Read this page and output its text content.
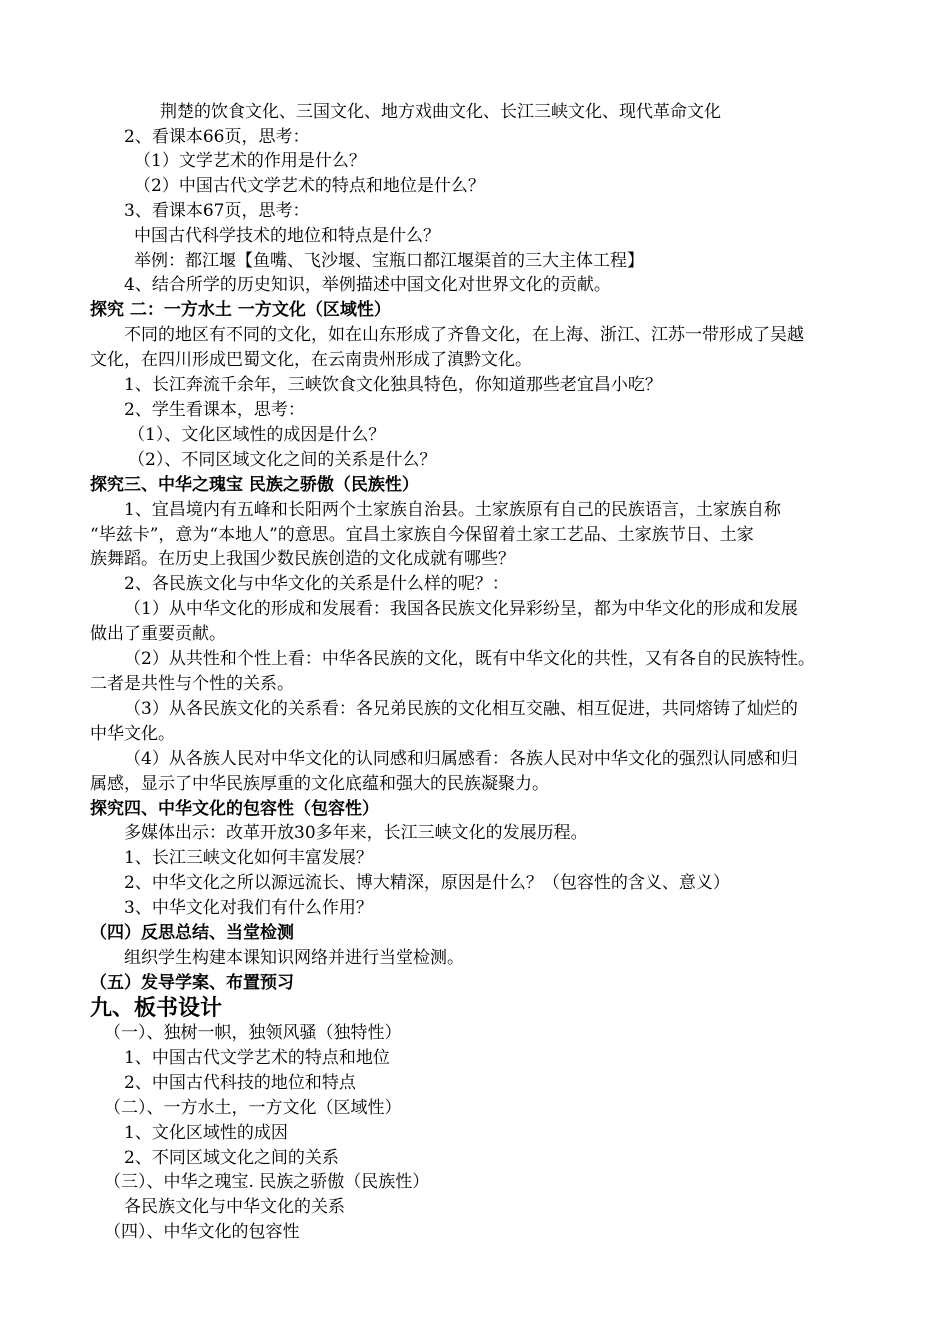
荆楚的饮食文化、三国文化、地方戏曲文化、长江三峡文化、现代革命文化
2、看课本66页，思考：
（1）文学艺术的作用是什么？
（2）中国古代文学艺术的特点和地位是什么？
3、看课本67页，思考：
中国古代科学技术的地位和特点是什么？
举例：都江堰【鱼嘴、飞沙堰、宝瓶口都江堰渠首的三大主体工程】
4、结合所学的历史知识，举例描述中国文化对世界文化的贡献。
探究 二：一方水土 一方文化（区域性）
不同的地区有不同的文化，如在山东形成了齐鲁文化，在上海、浙江、江苏一带形成了吴越
文化，在四川形成巴蜀文化，在云南贵州形成了滇黔文化。
1、长江奔流千余年，三峡饮食文化独具特色，你知道那些老宜昌小吃？
2、学生看课本，思考：
（1）、文化区域性的成因是什么？
（2）、不同区域文化之间的关系是什么？
探究三、中华之瑰宝 民族之骄傲（民族性）
1、宜昌境内有五峰和长阳两个土家族自治县。土家族原有自己的民族语言，土家族自称
“毕兹卡”，意为“本地人”的意思。宜昌土家族自今保留着土家工艺品、土家族节日、土家
族舞蹈。在历史上我国少数民族创造的文化成就有哪些？
2、各民族文化与中华文化的关系是什么样的呢？：
（1）从中华文化的形成和发展看：我国各民族文化异彩纷呈，都为中华文化的形成和发展
做出了重要贡献。
（2）从共性和个性上看：中华各民族的文化，既有中华文化的共性，又有各自的民族特性。
二者是共性与个性的关系。
（3）从各民族文化的关系看：各兄弟民族的文化相互交融、相互促进，共同熔铸了灿烂的
中华文化。
（4）从各族人民对中华文化的认同感和归属感看：各族人民对中华文化的强烈认同感和归
属感，显示了中华民族厚重的文化底蕴和强大的民族凝聚力。
探究四、中华文化的包容性（包容性）
多媒体出示：改革开放30多年来，长江三峡文化的发展历程。
1、长江三峡文化如何丰富发展？
2、中华文化之所以源远流长、博大精深，原因是什么？（包容性的含义、意义）
3、中华文化对我们有什么作用？
（四）反思总结、当堂检测
组织学生构建本课知识网络并进行当堂检测。
（五）发导学案、布置预习
九、板书设计
（一）、独树一帜，独领风骚（独特性）
1、中国古代文学艺术的特点和地位
2、中国古代科技的地位和特点
（二）、一方水土，一方文化（区域性）
1、文化区域性的成因
2、不同区域文化之间的关系
（三）、中华之瑰宝. 民族之骄傲（民族性）
各民族文化与中华文化的关系
（四）、中华文化的包容性
